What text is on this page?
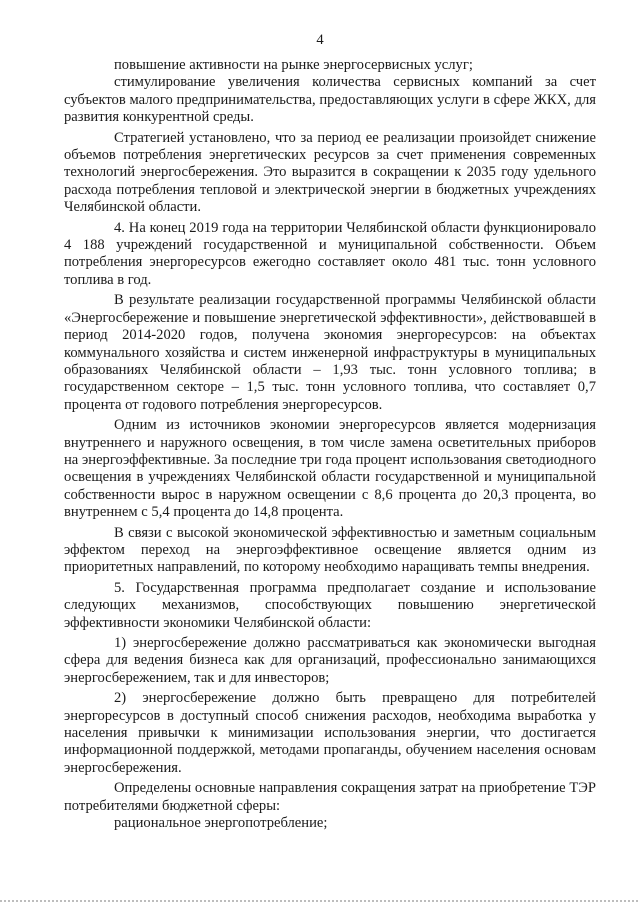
4

повышение активности на рынке энергосервисных услуг;

стимулирование увеличения количества сервисных компаний за счет субъектов малого предпринимательства, предоставляющих услуги в сфере ЖКХ, для развития конкурентной среды.

Стратегией установлено, что за период ее реализации произойдет снижение объемов потребления энергетических ресурсов за счет применения современных технологий энергосбережения. Это выразится в сокращении к 2035 году удельного расхода потребления тепловой и электрической энергии в бюджетных учреждениях Челябинской области.

4. На конец 2019 года на территории Челябинской области функционировало 4 188 учреждений государственной и муниципальной собственности. Объем потребления энергоресурсов ежегодно составляет около 481 тыс. тонн условного топлива в год.

В результате реализации государственной программы Челябинской области «Энергосбережение и повышение энергетической эффективности», действовавшей в период 2014-2020 годов, получена экономия энергоресурсов: на объектах коммунального хозяйства и систем инженерной инфраструктуры в муниципальных образованиях Челябинской области – 1,93 тыс. тонн условного топлива; в государственном секторе – 1,5 тыс. тонн условного топлива, что составляет 0,7 процента от годового потребления энергоресурсов.

Одним из источников экономии энергоресурсов является модернизация внутреннего и наружного освещения, в том числе замена осветительных приборов на энергоэффективные. За последние три года процент использования светодиодного освещения в учреждениях Челябинской области государственной и муниципальной собственности вырос в наружном освещении с 8,6 процента до 20,3 процента, во внутреннем с 5,4 процента до 14,8 процента.

В связи с высокой экономической эффективностью и заметным социальным эффектом переход на энергоэффективное освещение является одним из приоритетных направлений, по которому необходимо наращивать темпы внедрения.

5. Государственная программа предполагает создание и использование следующих механизмов, способствующих повышению энергетической эффективности экономики Челябинской области:

1) энергосбережение должно рассматриваться как экономически выгодная сфера для ведения бизнеса как для организаций, профессионально занимающихся энергосбережением, так и для инвесторов;

2) энергосбережение должно быть превращено для потребителей энергоресурсов в доступный способ снижения расходов, необходима выработка у населения привычки к минимизации использования энергии, что достигается информационной поддержкой, методами пропаганды, обучением населения основам энергосбережения.

Определены основные направления сокращения затрат на приобретение ТЭР потребителями бюджетной сферы:

рациональное энергопотребление;
